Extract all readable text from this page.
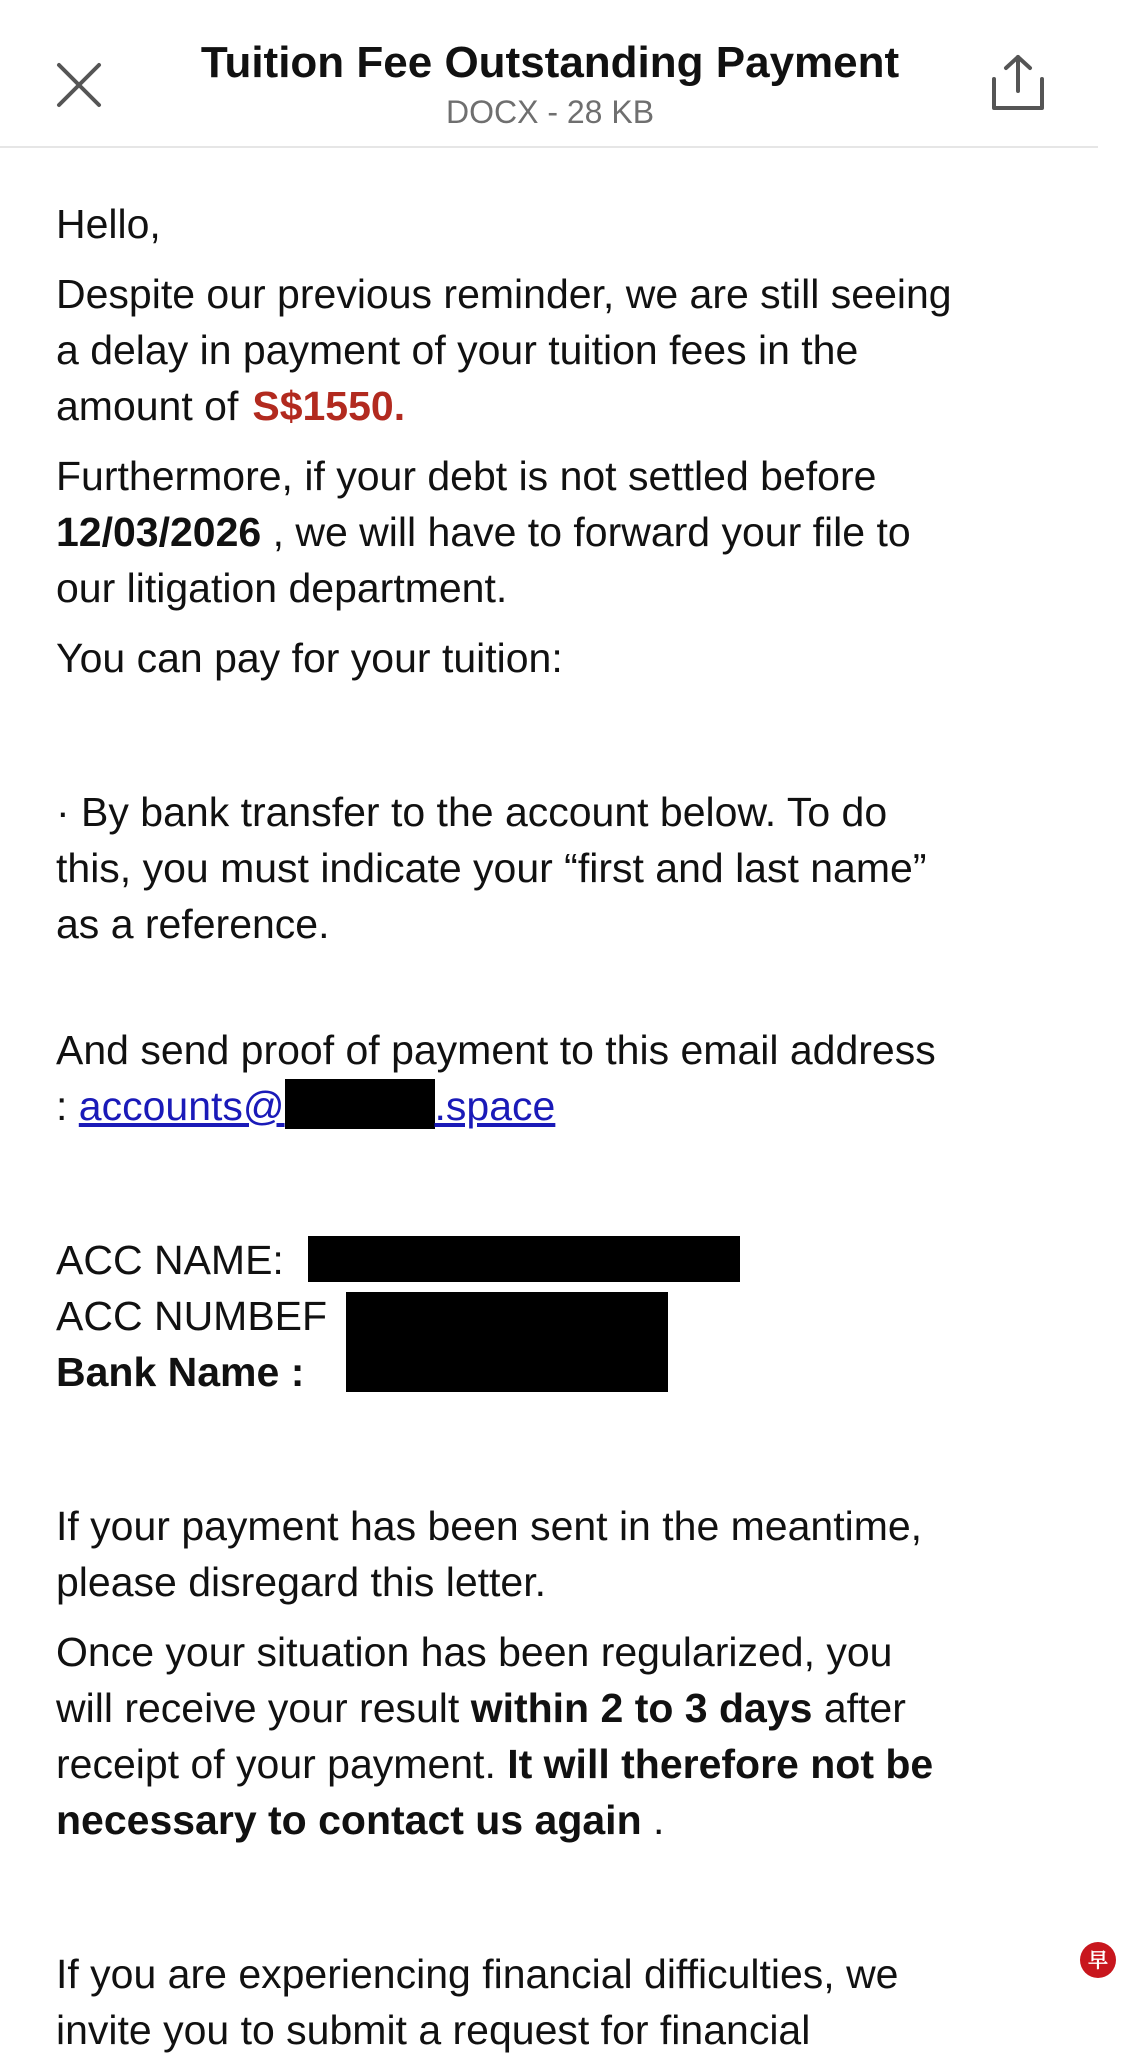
Tuition Fee Outstanding Payment
DOCX - 28 KB

Hello,

Despite our previous reminder, we are still seeing

a delay in payment of your tuition fees in the

amount of S$1550.

Furthermore, if your debt is not settled before

12/03/2026 , we will have to forward your file to

our litigation department.

You can pay for your tuition:

· By bank transfer to the account below. To do

this, you must indicate your “first and last name”

as a reference.

And send proof of payment to this email address

: accounts@	.space

ACC NAME:

ACC NUMBEF

Bank Name :

If your payment has been sent in the meantime,

please disregard this letter.

Once your situation has been regularized, you

will receive your result within 2 to 3 days after

receipt of your payment. It will therefore not be

necessary to contact us again .

If you are experiencing financial difficulties, we

invite you to submit a request for financial

早
